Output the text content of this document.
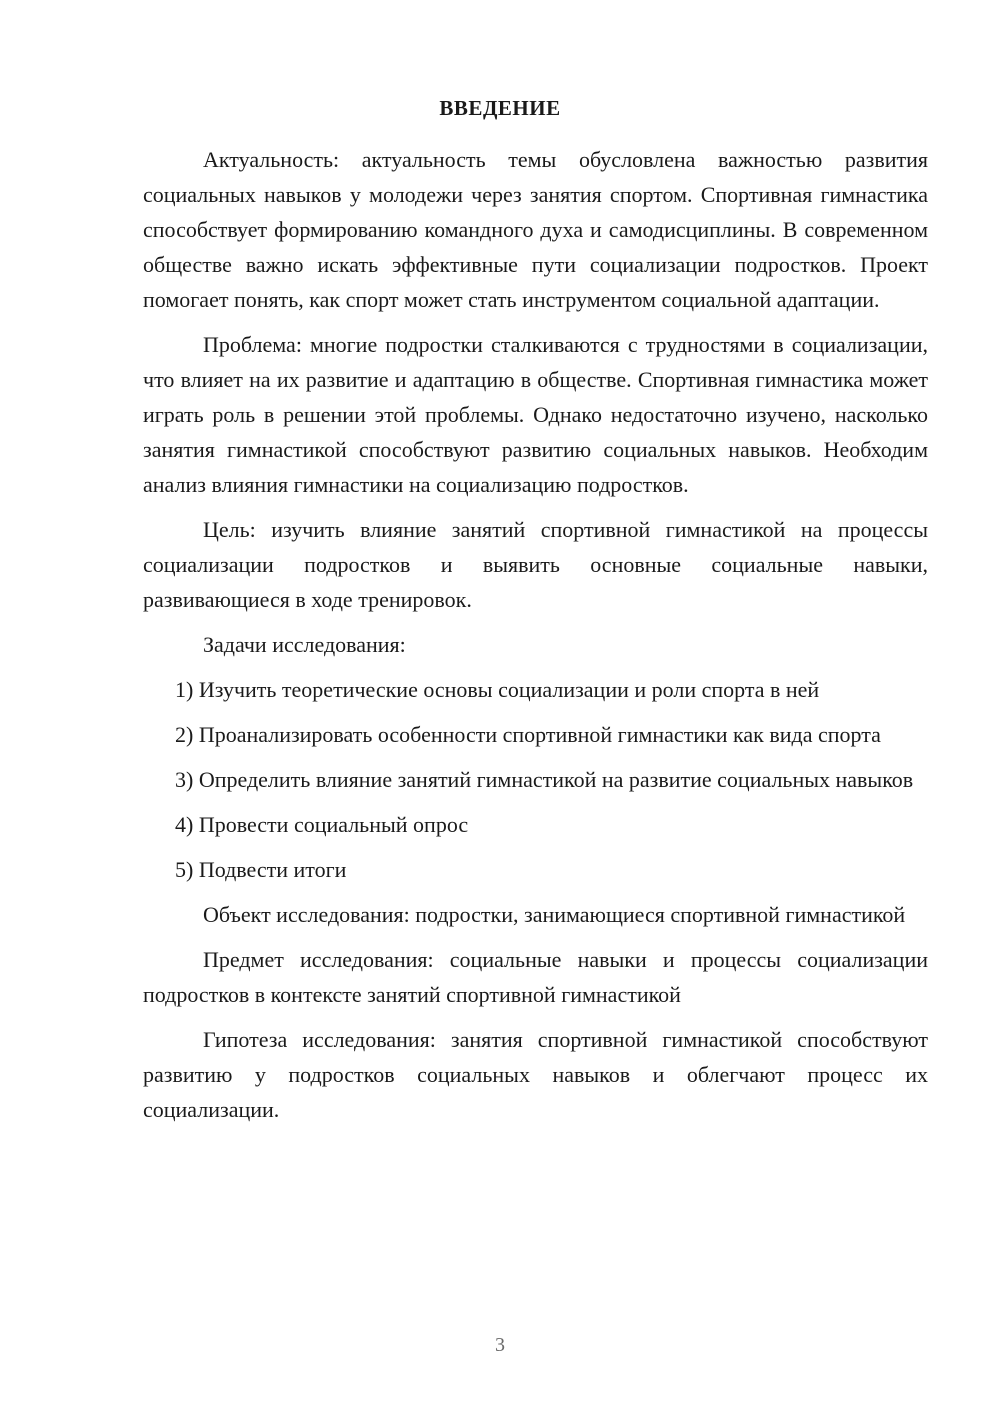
ВВЕДЕНИЕ

Актуальность: актуальность темы обусловлена важностью развития социальных навыков у молодежи через занятия спортом. Спортивная гимнастика способствует формированию командного духа и самодисциплины. В современном обществе важно искать эффективные пути социализации подростков. Проект помогает понять, как спорт может стать инструментом социальной адаптации.

Проблема: многие подростки сталкиваются с трудностями в социализации, что влияет на их развитие и адаптацию в обществе. Спортивная гимнастика может играть роль в решении этой проблемы. Однако недостаточно изучено, насколько занятия гимнастикой способствуют развитию социальных навыков. Необходим анализ влияния гимнастики на социализацию подростков.

Цель: изучить влияние занятий спортивной гимнастикой на процессы социализации подростков и выявить основные социальные навыки, развивающиеся в ходе тренировок.

Задачи исследования:

1) Изучить теоретические основы социализации и роли спорта в ней

2) Проанализировать особенности спортивной гимнастики как вида спорта

3) Определить влияние занятий гимнастикой на развитие социальных навыков

4) Провести социальный опрос

5) Подвести итоги

Объект исследования: подростки, занимающиеся спортивной гимнастикой

Предмет исследования: социальные навыки и процессы социализации подростков в контексте занятий спортивной гимнастикой

Гипотеза исследования: занятия спортивной гимнастикой способствуют развитию у подростков социальных навыков и облегчают процесс их социализации.

3
